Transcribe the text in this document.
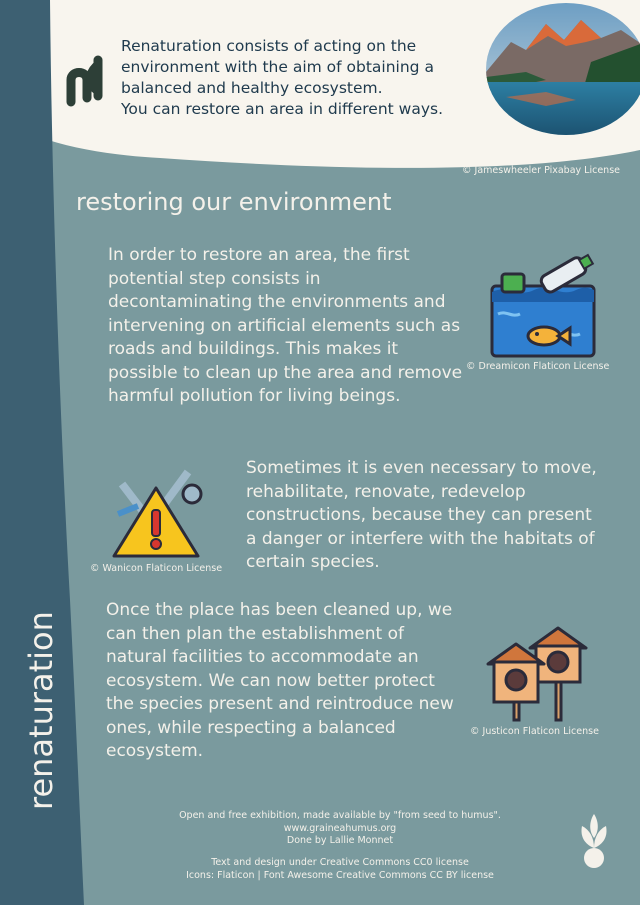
Renaturation consists of acting on the
environment with the aim of obtaining a
balanced and healthy ecosystem.
You can restore an area in different ways.
© Jameswheeler Pixabay License
restoring our environment
In order to restore an area, the first
potential step consists in
decontaminating the environments and
intervening on artificial elements such as
roads and buildings. This makes it
possible to clean up the area and remove
harmful pollution for living beings.
© Dreamicon Flaticon License
© Wanicon Flaticon License
Sometimes it is even necessary to move,
rehabilitate, renovate, redevelop
constructions, because they can present
a danger or interfere with the habitats of
certain species.
Once the place has been cleaned up, we
can then plan the establishment of
natural facilities to accommodate an
ecosystem. We can now better protect
the species present and reintroduce new
ones, while respecting a balanced
ecosystem.
© Justicon Flaticon License
renaturation
Open and free exhibition, made available by "from seed to humus".
www.graineahumus.org
Done by Lallie Monnet
Text and design under Creative Commons CC0 license
Icons: Flaticon | Font Awesome Creative Commons CC BY license
